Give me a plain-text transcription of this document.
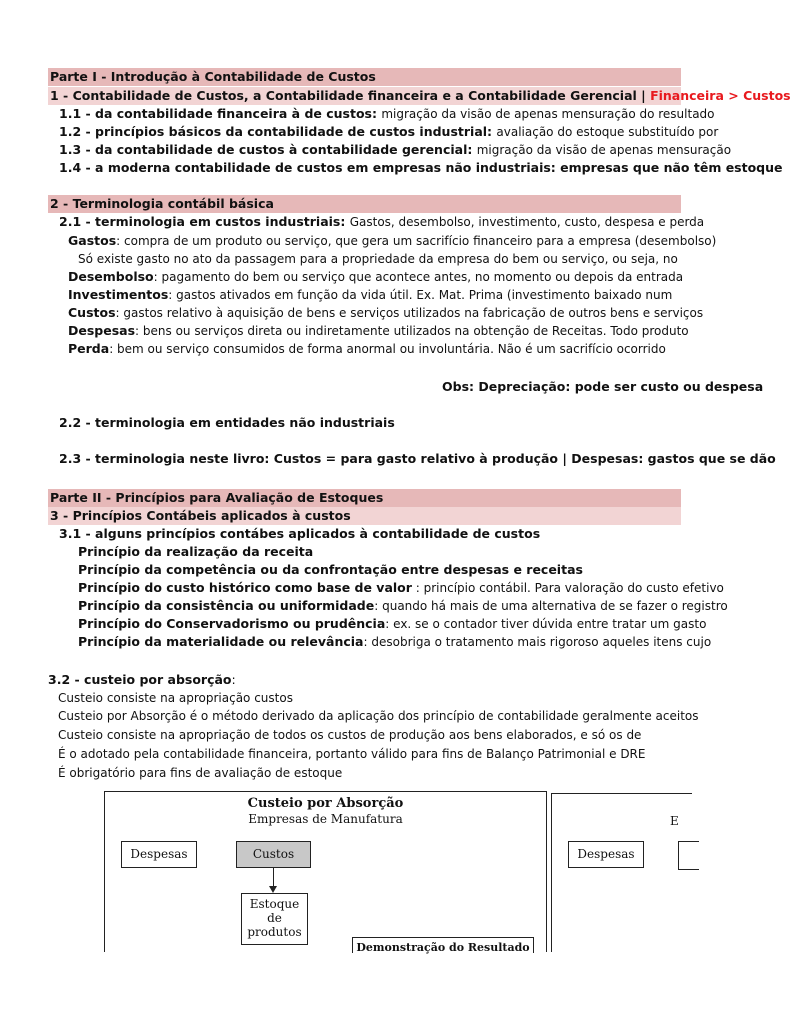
Parte I - Introdução à Contabilidade de Custos
1 - Contabilidade de Custos, a Contabilidade financeira e a Contabilidade Gerencial | Financeira > Custos
1.1 - da contabilidade financeira à de custos: migração da visão de apenas mensuração do resultado
1.2 - princípios básicos da contabilidade de custos industrial: avaliação do estoque substituído por
1.3 - da contabilidade de custos à contabilidade gerencial: migração da visão de apenas mensuração
1.4 - a moderna contabilidade de custos em empresas não industriais: empresas que não têm estoque
2 - Terminologia contábil básica
2.1 - terminologia em custos industriais: Gastos, desembolso, investimento, custo, despesa e perda
Gastos: compra de um produto ou serviço, que gera um sacrifício financeiro para a empresa (desembolso)
Só existe gasto no ato da passagem para a propriedade da empresa do bem ou serviço, ou seja, no
Desembolso: pagamento do bem ou serviço que acontece antes, no momento ou depois da entrada
Investimentos: gastos ativados em função da vida útil. Ex. Mat. Prima (investimento baixado num
Custos: gastos relativo à aquisição de bens e serviços utilizados na fabricação de outros bens e serviços
Despesas: bens ou serviços direta ou indiretamente utilizados na obtenção de Receitas. Todo produto
Perda: bem ou serviço consumidos de forma anormal ou involuntária. Não é um sacrifício ocorrido
Obs: Depreciação: pode ser custo ou despesa
2.2 - terminologia em entidades não industriais
2.3 - terminologia neste livro: Custos = para gasto relativo à produção | Despesas: gastos que se dão
Parte II - Princípios para Avaliação de Estoques
3 - Princípios Contábeis aplicados à custos
3.1 - alguns princípios contábes aplicados à contabilidade de custos
Princípio da realização da receita
Princípio da competência ou da confrontação entre despesas e receitas
Princípio do custo histórico como base de valor : princípio contábil. Para valoração do custo efetivo
Princípio da consistência ou uniformidade: quando há mais de uma alternativa de se fazer o registro
Princípio do Conservadorismo ou prudência: ex. se o contador tiver dúvida entre tratar um gasto
Princípio da materialidade ou relevância: desobriga o tratamento mais rigoroso aqueles itens cujo
3.2 - custeio por absorção:
Custeio consiste na apropriação custos
Custeio por Absorção é o método derivado da aplicação dos princípio de contabilidade geralmente aceitos
Custeio consiste na apropriação de todos os custos de produção aos bens elaborados, e só os de
É o adotado pela contabilidade financeira, portanto válido para fins de Balanço Patrimonial e DRE
É obrigatório para fins de avaliação de estoque
Custeio por Absorção
Empresas de Manufatura
Despesas	Custos
Estoque
de
produtos
Demonstração do Resultado
E
Despesas
